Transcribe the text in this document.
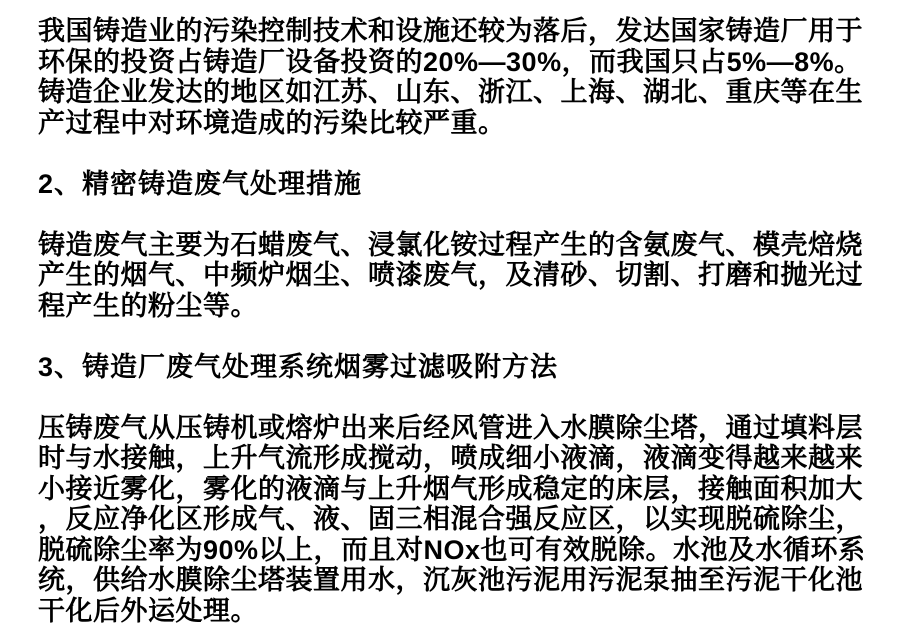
我国铸造业的污染控制技术和设施还较为落后，发达国家铸造厂用于
环保的投资占铸造厂设备投资的20%—30%，而我国只占5%—8%。
铸造企业发达的地区如江苏、山东、浙江、上海、湖北、重庆等在生
产过程中对环境造成的污染比较严重。
2、精密铸造废气处理措施
铸造废气主要为石蜡废气、浸氯化铵过程产生的含氨废气、模壳焙烧
产生的烟气、中频炉烟尘、喷漆废气，及清砂、切割、打磨和抛光过
程产生的粉尘等。
3、铸造厂废气处理系统烟雾过滤吸附方法
压铸废气从压铸机或熔炉出来后经风管进入水膜除尘塔，通过填料层
时与水接触，上升气流形成搅动，喷成细小液滴，液滴变得越来越来
小接近雾化，雾化的液滴与上升烟气形成稳定的床层，接触面积加大
，反应净化区形成气、液、固三相混合强反应区，以实现脱硫除尘，
脱硫除尘率为90%以上，而且对NOx也可有效脱除。水池及水循环系
统，供给水膜除尘塔装置用水，沉灰池污泥用污泥泵抽至污泥干化池
干化后外运处理。
